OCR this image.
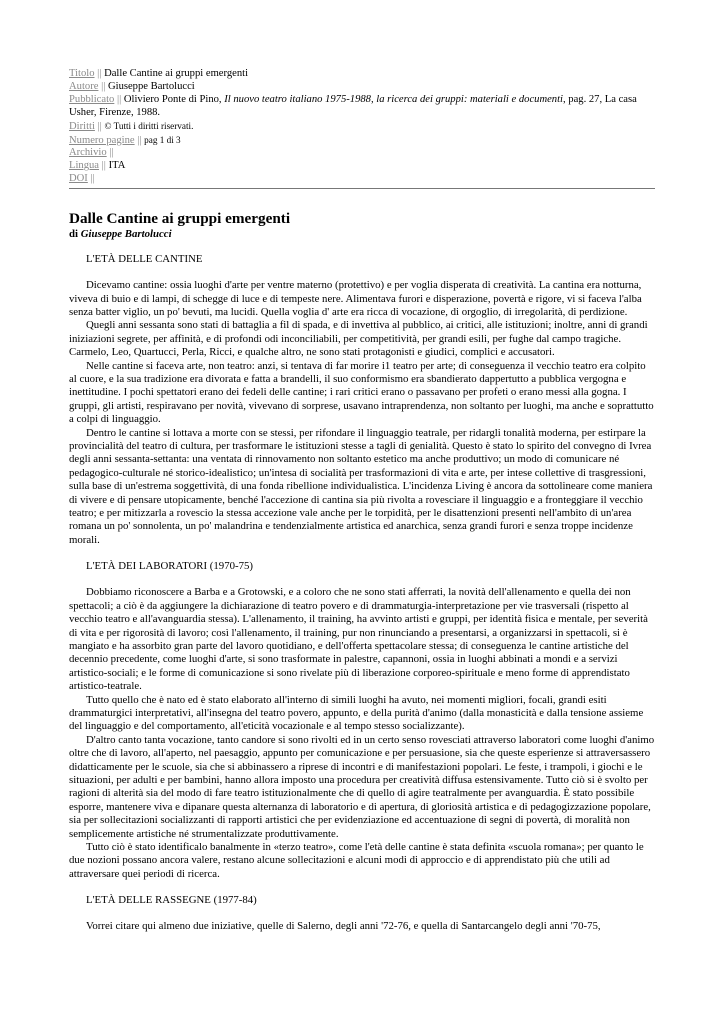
Titolo || Dalle Cantine ai gruppi emergenti
Autore || Giuseppe Bartolucci
Pubblicato || Oliviero Ponte di Pino, Il nuovo teatro italiano 1975-1988, la ricerca dei gruppi: materiali e documenti, pag. 27, La casa Usher, Firenze, 1988.
Diritti || © Tutti i diritti riservati.
Numero pagine || pag 1 di 3
Archivio ||
Lingua || ITA
DOI ||
Dalle Cantine ai gruppi emergenti
di Giuseppe Bartolucci

L'ETÀ DELLE CANTINE

Dicevamo cantine: ossia luoghi d'arte per ventre materno (protettivo) e per voglia disperata di creatività. La cantina era notturna, viveva di buio e di lampi, di schegge di luce e di tempeste nere. Alimentava furori e disperazione, povertà e rigore, vi si faceva l'alba senza batter viglio, un po' bevuti, ma lucidi. Quella voglia d' arte era ricca di vocazione, di orgoglio, di irregolarità, di perdizione.

Quegli anni sessanta sono stati di battaglia a fil di spada, e di invettiva al pubblico, ai critici, alle istituzioni; inoltre, anni di grandi iniziazioni segrete, per affinità, e di profondi odi inconciliabili, per competitività, per grandi esili, per fughe dal campo tragiche. Carmelo, Leo, Quartucci, Perla, Ricci, e qualche altro, ne sono stati protagonisti e giudici, complici e accusatori.

Nelle cantine si faceva arte, non teatro: anzi, si tentava di far morire i1 teatro per arte; di conseguenza il vecchio teatro era colpito al cuore, e la sua tradizione era divorata e fatta a brandelli, il suo conformismo era sbandierato dappertutto a pubblica vergogna e inettitudine. I pochi spettatori erano dei fedeli delle cantine; i rari critici erano o passavano per profeti o erano messi alla gogna. I gruppi, gli artisti, respiravano per novità, vivevano di sorprese, usavano intraprendenza, non soltanto per luoghi, ma anche e soprattutto a colpi di linguaggio.

Dentro le cantine si lottava a morte con se stessi, per rifondare il linguaggio teatrale, per ridargli tonalità moderna, per estirpare la provincialità del teatro di cultura, per trasformare le istituzioni stesse a tagli di genialità. Questo è stato lo spirito del convegno di Ivrea degli anni sessanta-settanta: una ventata di rinnovamento non soltanto estetico ma anche produttivo; un modo di comunicare né pedagogico-culturale né storico-idealistico; un'intesa di socialità per trasformazioni di vita e arte, per intese collettive di trasgressioni, sulla base di un'estrema soggettività, di una fonda ribellione individualistica. L'incidenza Living è ancora da sottolineare come maniera di vivere e di pensare utopicamente, benché l'accezione di cantina sia più rivolta a rovesciare il linguaggio e a fronteggiare il vecchio teatro; e per mitizzarla a rovescio la stessa accezione vale anche per le torpidità, per le disattenzioni presenti nell'ambito di un'area romana un po' sonnolenta, un po' malandrina e tendenzialmente artistica ed anarchica, senza grandi furori e senza troppe incidenze morali.

L'ETÀ DEI LABORATORI (1970-75)

Dobbiamo riconoscere a Barba e a Grotowski, e a coloro che ne sono stati afferrati, la novità dell'allenamento e quella dei non spettacoli; a ciò è da aggiungere la dichiarazione di teatro povero e di drammaturgia-interpretazione per vie trasversali (rispetto al vecchio teatro e all'avanguardia stessa). L'allenamento, il training, ha avvinto artisti e gruppi, per identità fisica e mentale, per severità di vita e per rigorosità di lavoro; così l'allenamento, il training, pur non rinunciando a presentarsi, a organizzarsi in spettacoli, si è mangiato e ha assorbito gran parte del lavoro quotidiano, e dell'offerta spettacolare stessa; di conseguenza le cantine artistiche del decennio precedente, come luoghi d'arte, si sono trasformate in palestre, capannoni, ossia in luoghi abbinati a mondi e a servizi artistico-sociali; e le forme di comunicazione si sono rivelate più di liberazione corporeo-spirituale e meno forme di apprendistato artistico-teatrale.

Tutto quello che è nato ed è stato elaborato all'interno di simili luoghi ha avuto, nei momenti migliori, focali, grandi esiti drammaturgici interpretativi, all'insegna del teatro povero, appunto, e della purità d'animo (dalla monasticità e dalla tensione assieme del linguaggio e del comportamento, all'eticità vocazionale e al tempo stesso socializzante).

D'altro canto tanta vocazione, tanto candore si sono rivolti ed in un certo senso rovesciati attraverso laboratori come luoghi d'animo oltre che di lavoro, all'aperto, nel paesaggio, appunto per comunicazione e per persuasione, sia che queste esperienze si attraversassero didatticamente per le scuole, sia che si abbinassero a riprese di incontri e di manifestazioni popolari. Le feste, i trampoli, i giochi e le situazioni, per adulti e per bambini, hanno allora imposto una procedura per creatività diffusa estensivamente. Tutto ciò si è svolto per ragioni di alterità sia del modo di fare teatro istituzionalmente che di quello di agire teatralmente per avanguardia. È stato possibile esporre, mantenere viva e dipanare questa alternanza di laboratorio e di apertura, di gloriosità artistica e di pedagogizzazione popolare, sia per sollecitazioni socializzanti di rapporti artistici che per evidenziazione ed accentuazione di segni di povertà, di moralità non semplicemente artistiche né strumentalizzate produttivamente.

Tutto ciò è stato identificalo banalmente in «terzo teatro», come l'età delle cantine è stata definita «scuola romana»; per quanto le due nozioni possano ancora valere, restano alcune sollecitazioni e alcuni modi di approccio e di apprendistato più che utili ad attraversare quei periodi di ricerca.

L'ETÀ DELLE RASSEGNE (1977-84)

Vorrei citare qui almeno due iniziative, quelle di Salerno, degli anni '72-76, e quella di Santarcangelo degli anni '70-75,
